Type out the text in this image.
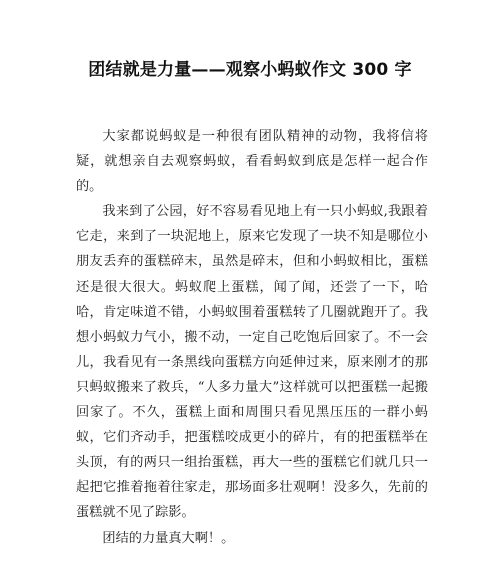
团结就是力量——观察小蚂蚁作文 300 字

大家都说蚂蚁是一种很有团队精神的动物，我将信将疑，就想亲自去观察蚂蚁，看看蚂蚁到底是怎样一起合作的。

我来到了公园，好不容易看见地上有一只小蚂蚁,我跟着它走，来到了一块泥地上，原来它发现了一块不知是哪位小朋友丢弃的蛋糕碎末，虽然是碎末，但和小蚂蚁相比，蛋糕还是很大很大。蚂蚁爬上蛋糕，闻了闻，还尝了一下，哈哈，肯定味道不错，小蚂蚁围着蛋糕转了几圈就跑开了。我想小蚂蚁力气小，搬不动，一定自己吃饱后回家了。不一会儿，我看见有一条黑线向蛋糕方向延伸过来，原来刚才的那只蚂蚁搬来了救兵，“人多力量大”这样就可以把蛋糕一起搬回家了。不久，蛋糕上面和周围只看见黑压压的一群小蚂蚁，它们齐动手，把蛋糕咬成更小的碎片，有的把蛋糕举在头顶，有的两只一组抬蛋糕，再大一些的蛋糕它们就几只一起把它推着拖着往家走，那场面多壮观啊！没多久，先前的蛋糕就不见了踪影。

团结的力量真大啊！。
